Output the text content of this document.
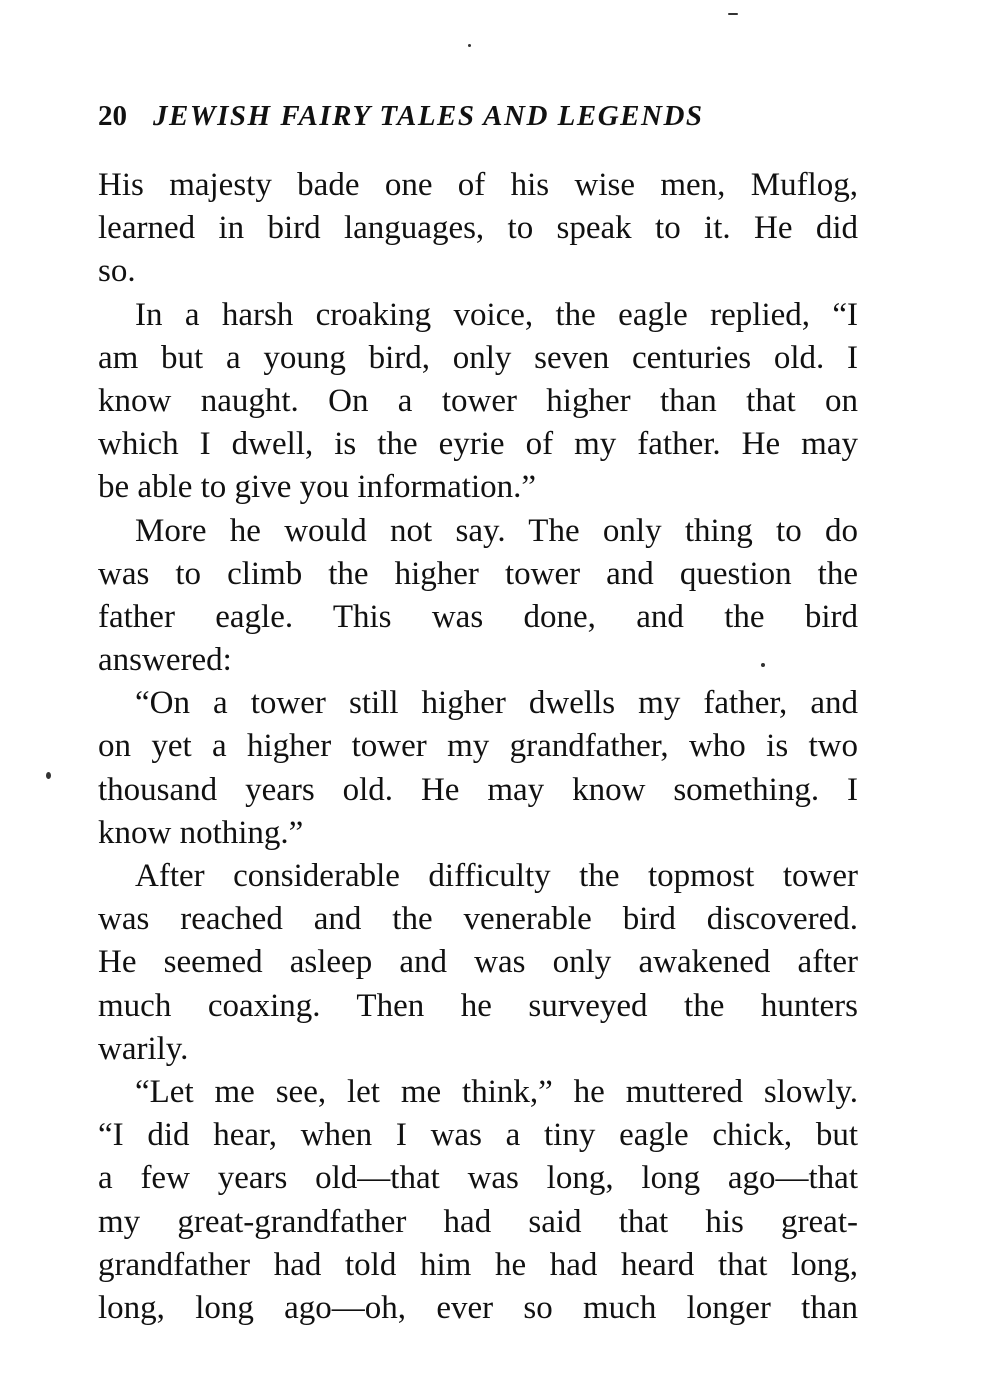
20 JEWISH FAIRY TALES AND LEGENDS
His majesty bade one of his wise men, Muflog,
learned in bird languages, to speak to it. He did
so.
In a harsh croaking voice, the eagle replied, “I
am but a young bird, only seven centuries old. I
know naught. On a tower higher than that on
which I dwell, is the eyrie of my father. He may
be able to give you information.”
More he would not say. The only thing to do
was to climb the higher tower and question the
father eagle. This was done, and the bird
answered:
“On a tower still higher dwells my father, and
on yet a higher tower my grandfather, who is two
thousand years old. He may know something. I
know nothing.”
After considerable difficulty the topmost tower
was reached and the venerable bird discovered.
He seemed asleep and was only awakened after
much coaxing. Then he surveyed the hunters
warily.
“Let me see, let me think,” he muttered slowly.
“I did hear, when I was a tiny eagle chick, but
a few years old—that was long, long ago—that
my great-grandfather had said that his great-
grandfather had told him he had heard that long,
long, long ago—oh, ever so much longer than
